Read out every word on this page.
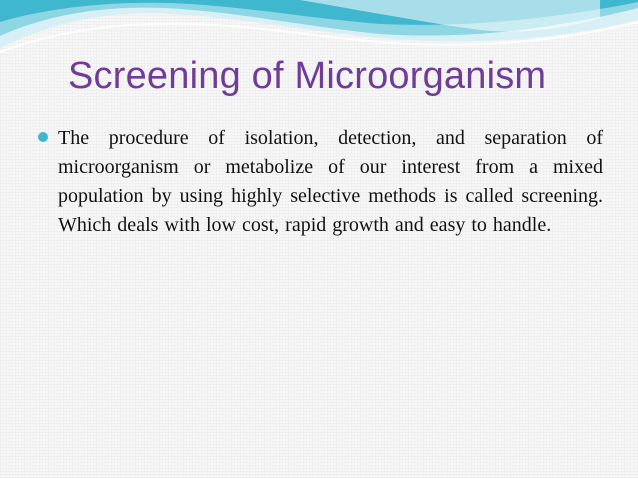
Screening of Microorganism

The procedure of isolation, detection, and separation of microorganism or metabolize of our interest from a mixed population by using highly selective methods is called screening. Which deals with low cost, rapid growth and easy to handle.
